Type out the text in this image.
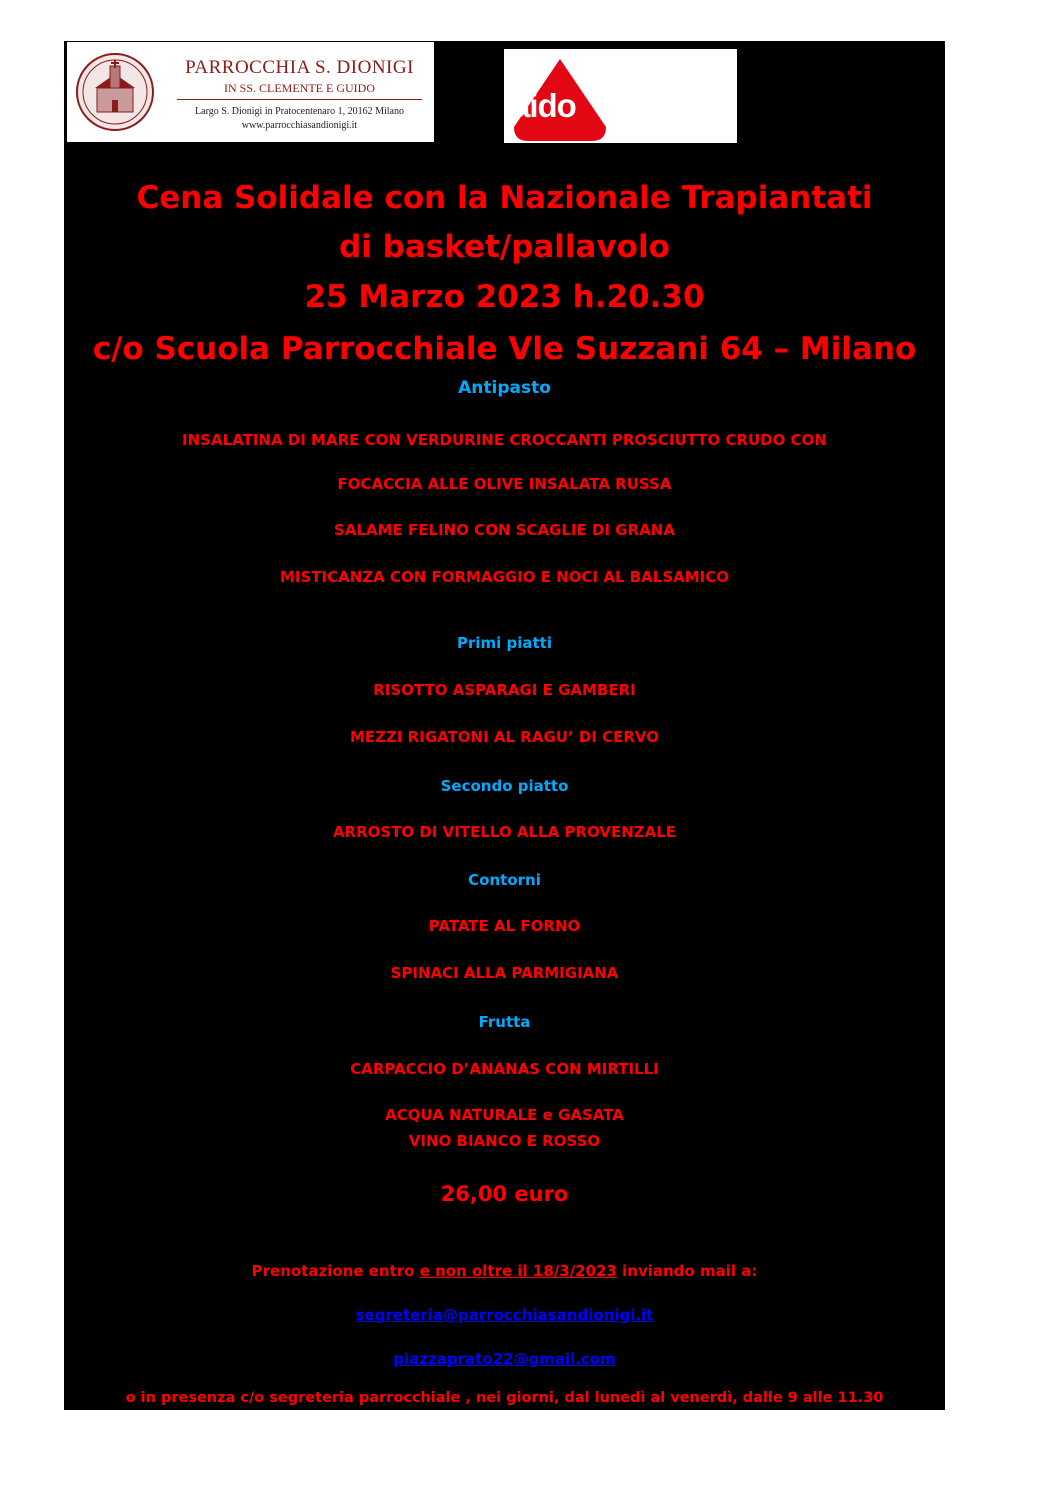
PARROCCHIA S. DIONIGI
IN SS. CLEMENTE E GUIDO
Largo S. Dionigi in Pratocentenaro 1, 20162 Milano
www.parrocchiasandionigi.it
aido
Cena Solidale con la Nazionale Trapiantati
di basket/pallavolo
25 Marzo 2023 h.20.30
c/o Scuola Parrocchiale Vle Suzzani 64 – Milano
Antipasto
INSALATINA DI MARE CON VERDURINE CROCCANTI PROSCIUTTO CRUDO CON
FOCACCIA ALLE OLIVE INSALATA RUSSA
SALAME FELINO CON SCAGLIE DI GRANA
MISTICANZA CON FORMAGGIO E NOCI AL BALSAMICO
Primi piatti
RISOTTO ASPARAGI E GAMBERI
MEZZI RIGATONI AL RAGU’ DI CERVO
Secondo piatto
ARROSTO DI VITELLO ALLA PROVENZALE
Contorni
PATATE AL FORNO
SPINACI ALLA PARMIGIANA
Frutta
CARPACCIO D’ANANAS CON MIRTILLI
ACQUA NATURALE e GASATA
VINO BIANCO E ROSSO
26,00 euro
Prenotazione entro e non oltre il 18/3/2023 inviando mail a:
segreteria@parrocchiasandionigi.it
piazzaprato22@gmail.com
o in presenza c/o segreteria parrocchiale , nei giorni, dal lunedì al venerdì, dalle 9 alle 11.30
